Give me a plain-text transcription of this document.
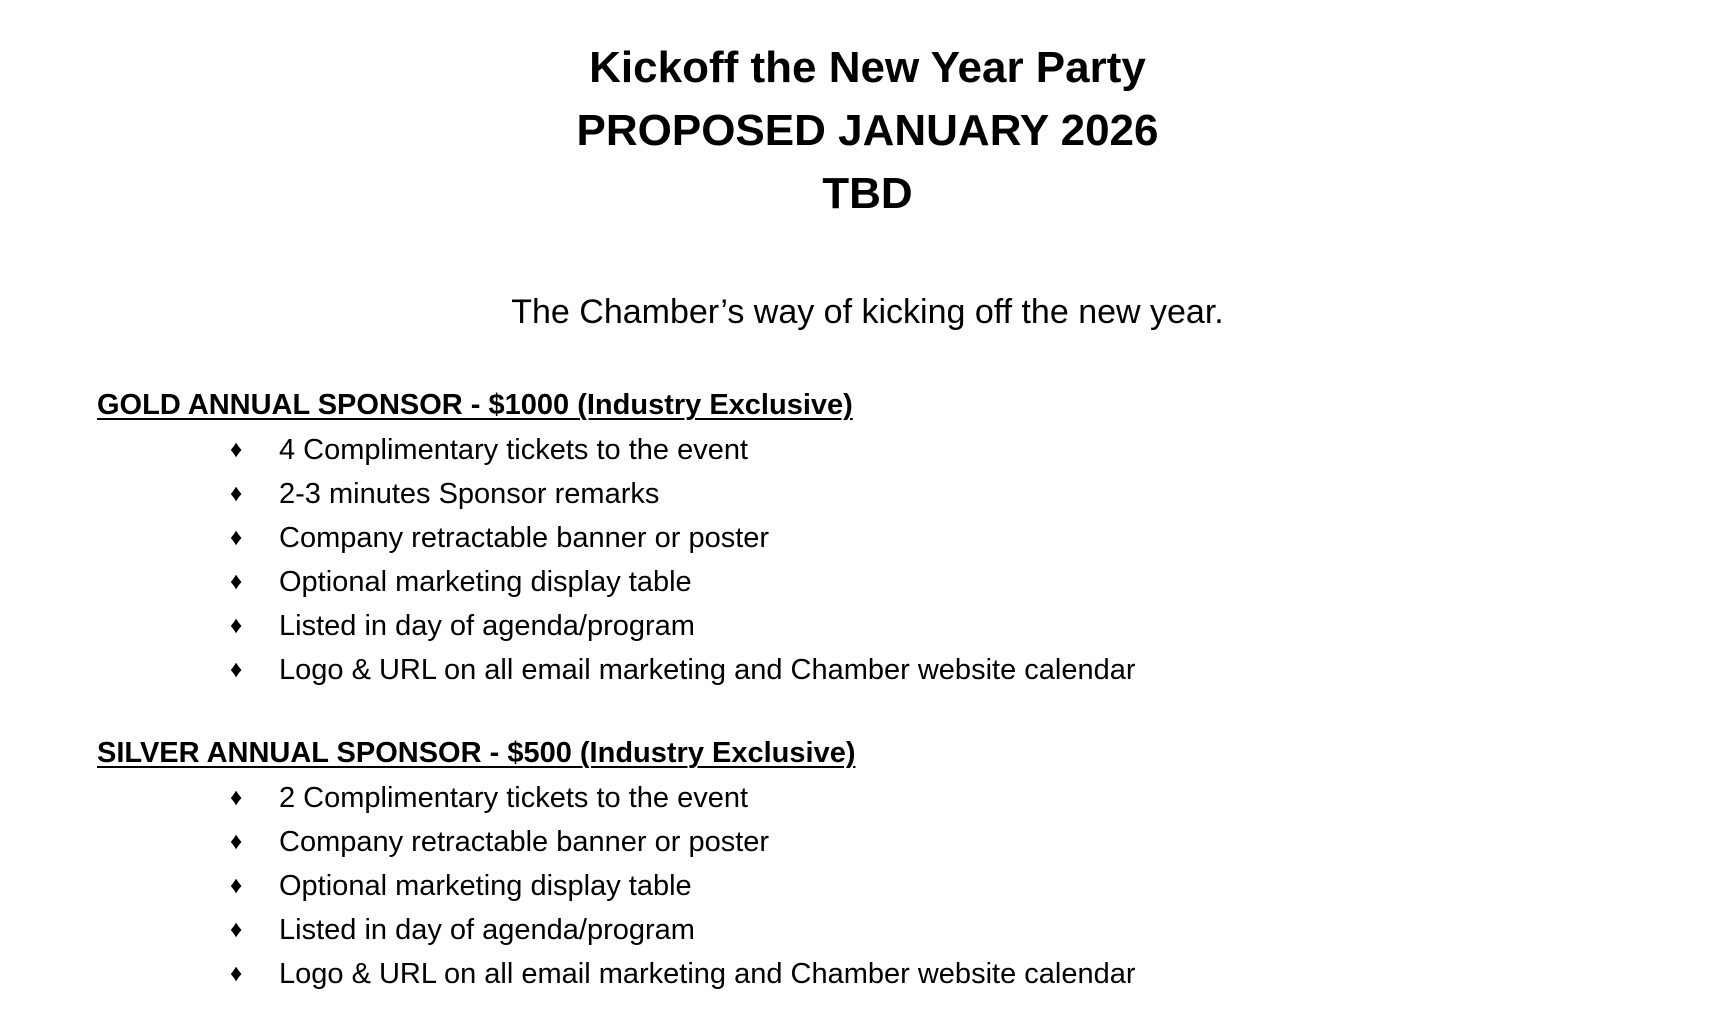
Kickoff the New Year Party
PROPOSED JANUARY 2026
TBD
The Chamber’s way of kicking off the new year.
GOLD ANNUAL SPONSOR - $1000 (Industry Exclusive)
♦ 4 Complimentary tickets to the event
♦ 2-3 minutes Sponsor remarks
♦ Company retractable banner or poster
♦ Optional marketing display table
♦ Listed in day of agenda/program
♦ Logo & URL on all email marketing and Chamber website calendar
SILVER ANNUAL SPONSOR - $500 (Industry Exclusive)
♦ 2 Complimentary tickets to the event
♦ Company retractable banner or poster
♦ Optional marketing display table
♦ Listed in day of agenda/program
♦ Logo & URL on all email marketing and Chamber website calendar
